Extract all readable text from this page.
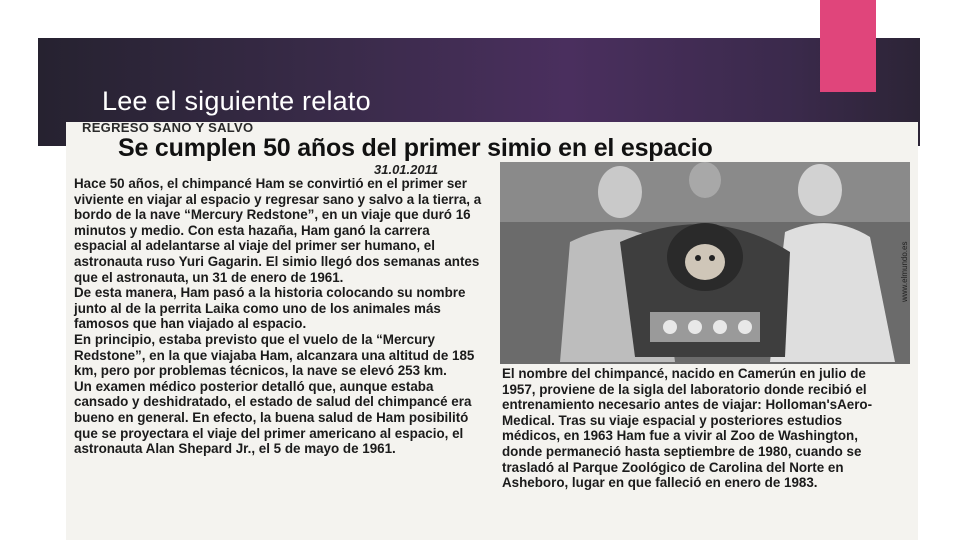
Lee el siguiente relato
REGRESO SANO Y SALVO
Se cumplen 50 años del primer simio en el espacio
31.01.2011

Hace 50 años, el chimpancé Ham se convirtió en el primer ser viviente en viajar al espacio y regresar sano y salvo a la tierra, a bordo de la nave “Mercury Redstone”, en un viaje que duró 16 minutos y medio. Con esta hazaña, Ham ganó la carrera espacial al adelantarse al viaje del primer ser humano, el astronauta ruso Yuri Gagarin. El simio llegó dos semanas antes que el astronauta, un 31 de enero de 1961.

De esta manera, Ham pasó a la historia colocando su nombre junto al de la perrita Laika como uno de los animales más famosos que han viajado al espacio.

En principio, estaba previsto que el vuelo de la “Mercury Redstone”, en la que viajaba Ham, alcanzara una altitud de 185 km, pero por problemas técnicos, la nave se elevó 253 km.

Un examen médico posterior detalló que, aunque estaba cansado y deshidratado, el estado de salud del chimpancé era bueno en general. En efecto, la buena salud de Ham posibilitó que se proyectara el viaje del primer americano al espacio, el astronauta Alan Shepard Jr., el 5 de mayo de 1961.

www.elmundo.es
El nombre del chimpancé, nacido en Camerún en julio de 1957, proviene de la sigla del laboratorio donde recibió el entrenamiento necesario antes de viajar: Holloman'sAero-Medical. Tras su viaje espacial y posteriores estudios médicos, en 1963 Ham fue a vivir al Zoo de Washington, donde permaneció hasta septiembre de 1980, cuando se trasladó al Parque Zoológico de Carolina del Norte en Asheboro, lugar en que falleció en enero de 1983.
